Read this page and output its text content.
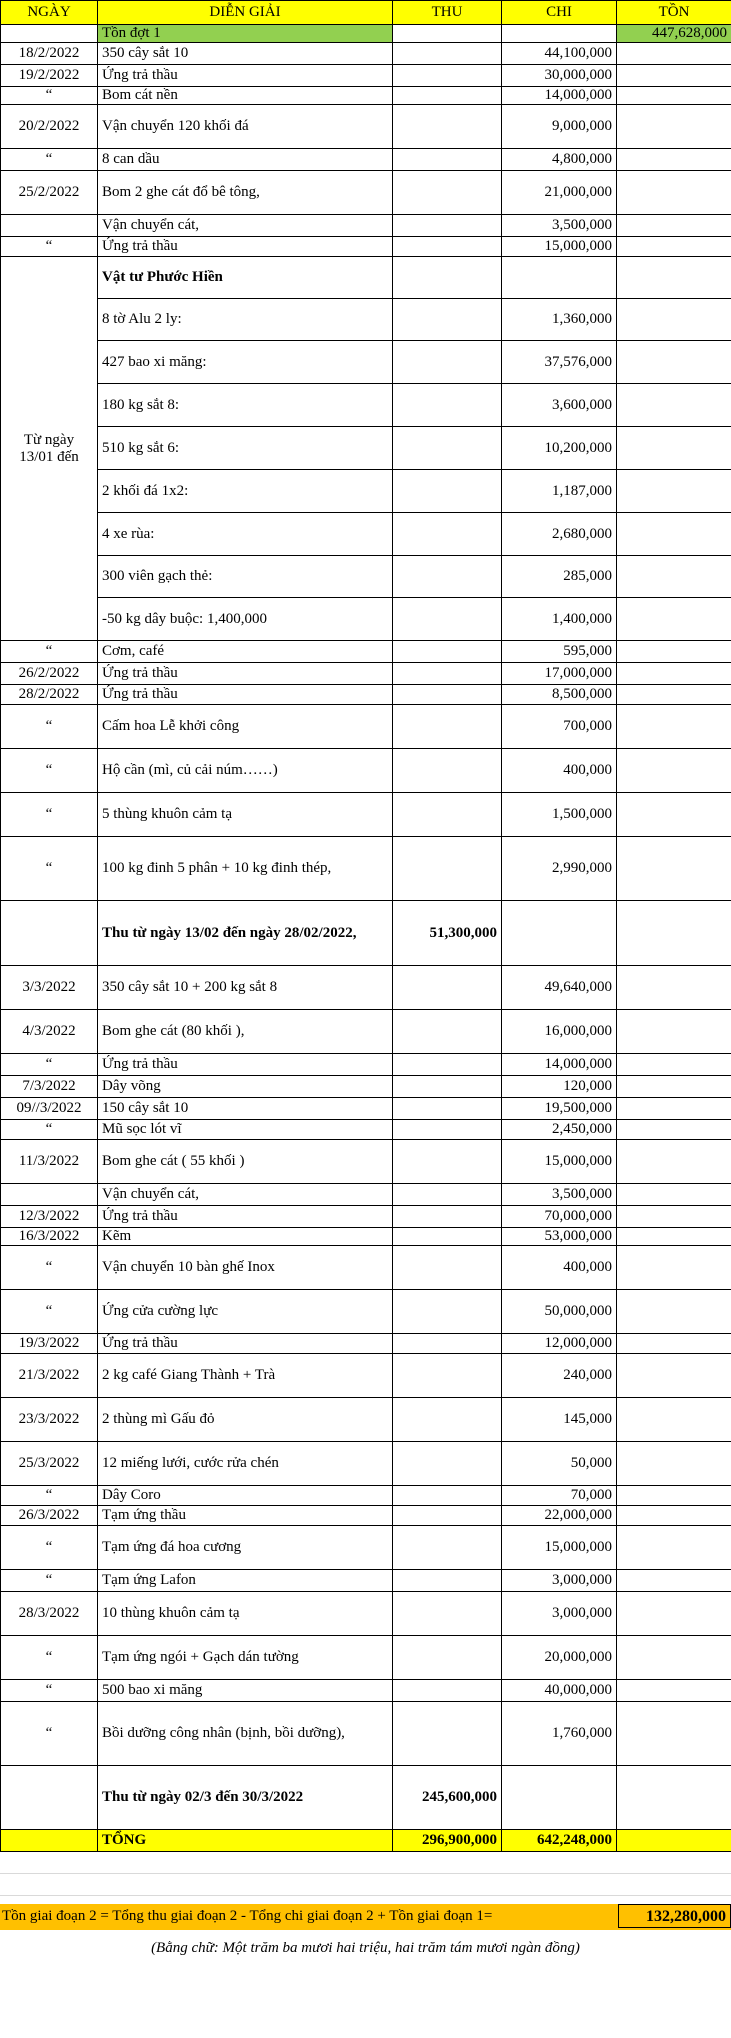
NGÀY	DIỄN GIẢI	THU	CHI	TỒN
	Tồn đợt 1			447,628,000
18/2/2022	350 cây sắt 10		44,100,000	
19/2/2022	Ứng trả thầu		30,000,000	
“	Bom cát nền		14,000,000	
20/2/2022	Vận chuyển 120 khối đá		9,000,000	
“	8 can dầu		4,800,000	
25/2/2022	Bom 2 ghe cát đổ bê tông,		21,000,000	
	Vận chuyển cát,		3,500,000	
“	Ứng trả thầu		15,000,000	
Từ ngày 13/01 đến	Vật tư Phước Hiền			
	8 tờ Alu 2 ly:		1,360,000	
	427 bao xi măng:		37,576,000	
	180 kg sắt 8:		3,600,000	
	510 kg sắt 6:		10,200,000	
	2 khối đá 1x2:		1,187,000	
	4 xe rùa:		2,680,000	
	300 viên gạch thẻ:		285,000	
	-50 kg dây buộc: 1,400,000		1,400,000	
“	Cơm, café		595,000	
26/2/2022	Ứng trả thầu		17,000,000	
28/2/2022	Ứng trả thầu		8,500,000	
“	Cấm hoa Lễ khởi công		700,000	
“	Hộ cần (mì, củ cải núm……)		400,000	
“	5 thùng khuôn cảm tạ		1,500,000	
“	100 kg đinh 5 phân + 10 kg đinh thép,		2,990,000	
	Thu từ ngày 13/02 đến ngày 28/02/2022,	51,300,000		
3/3/2022	350 cây sắt 10 + 200 kg sắt 8		49,640,000	
4/3/2022	Bom ghe cát (80 khối ),		16,000,000	
“	Ứng trả thầu		14,000,000	
7/3/2022	Dây võng		120,000	
09//3/2022	150 cây sắt 10		19,500,000	
“	Mũ sọc lót vĩ		2,450,000	
11/3/2022	Bom ghe cát ( 55 khối )		15,000,000	
	Vận chuyển cát,		3,500,000	
12/3/2022	Ứng trả thầu		70,000,000	
16/3/2022	Kẽm		53,000,000	
“	Vận chuyển 10 bàn ghế Inox		400,000	
“	Ứng cửa cường lực		50,000,000	
19/3/2022	Ứng trả thầu		12,000,000	
21/3/2022	2 kg café Giang Thành + Trà		240,000	
23/3/2022	2 thùng mì Gấu đỏ		145,000	
25/3/2022	12 miếng lưới, cước rửa chén		50,000	
“	Dây Coro		70,000	
26/3/2022	Tạm ứng thầu		22,000,000	
“	Tạm ứng đá hoa cương		15,000,000	
“	Tạm ứng Lafon		3,000,000	
28/3/2022	10 thùng khuôn cảm tạ		3,000,000	
“	Tạm ứng ngói + Gạch dán tường		20,000,000	
“	500 bao xi măng		40,000,000	
“	Bồi dưỡng công nhân (bịnh, bồi dưỡng),		1,760,000	
	Thu từ ngày 02/3 đến 30/3/2022	245,600,000		
	TỔNG	296,900,000	642,248,000	
Tồn giai đoạn 2 = Tổng thu giai đoạn 2 - Tổng chi giai đoạn 2 + Tồn giai đoạn 1=	132,280,000
(Bằng chữ: Một trăm ba mươi hai triệu, hai trăm tám mươi ngàn đồng)
